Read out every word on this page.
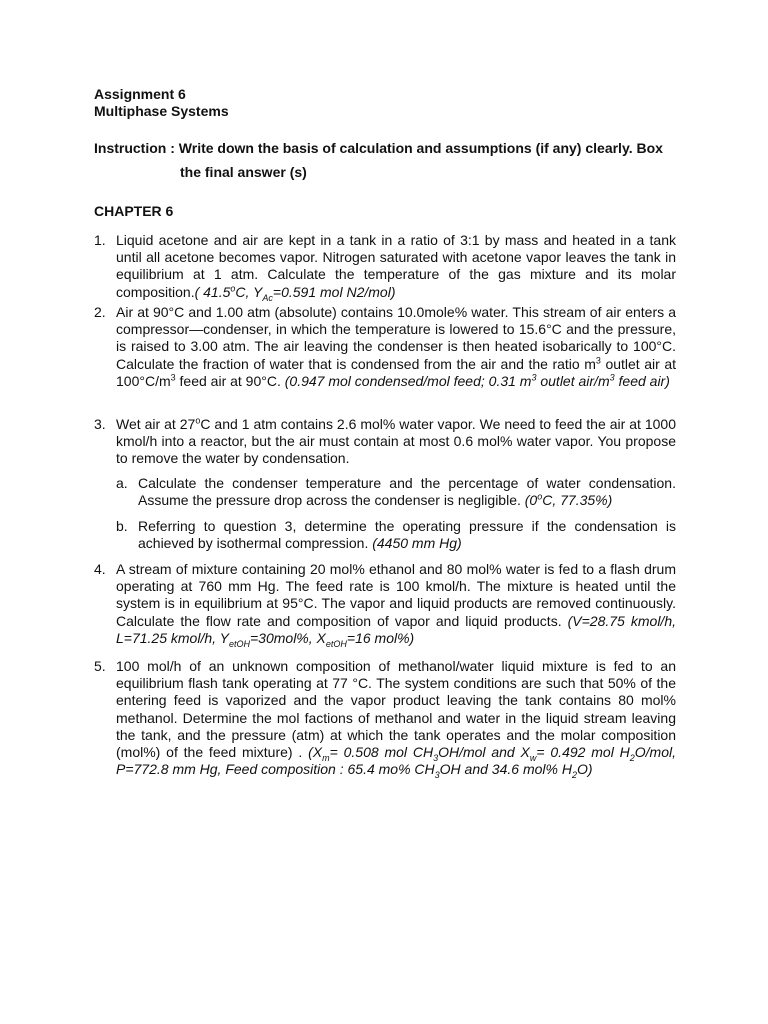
Assignment 6
Multiphase Systems
Instruction : Write down the basis of calculation and assumptions (if any) clearly. Box
the final answer (s)
CHAPTER 6
1. Liquid acetone and air are kept in a tank in a ratio of 3:1 by mass and heated in a tank until all acetone becomes vapor. Nitrogen saturated with acetone vapor leaves the tank in equilibrium at 1 atm. Calculate the temperature of the gas mixture and its molar composition.( 41.5$^o$C, $Y_{Ac}=0.591$ mol N2/mol)
2. Air at 90°C and 1.00 atm (absolute) contains 10.0mole% water. This stream of air enters a compressor—condenser, in which the temperature is lowered to 15.6°C and the pressure, is raised to 3.00 atm. The air leaving the condenser is then heated isobarically to 100°C. Calculate the fraction of water that is condensed from the air and the ratio $m^3$ outlet air at $100^\circ C/m^3$ feed air at 90°C. (0.947 mol condensed/mol feed; 0.31 $m^3$ outlet air/$m^3$ feed air)
3. Wet air at 27$^o$C and 1 atm contains 2.6 mol% water vapor. We need to feed the air at 1000 kmol/h into a reactor, but the air must contain at most 0.6 mol% water vapor. You propose to remove the water by condensation.
a. Calculate the condenser temperature and the percentage of water condensation. Assume the pressure drop across the condenser is negligible. (0$^o$C, 77.35%)
b. Referring to question 3, determine the operating pressure if the condensation is achieved by isothermal compression. (4450 mm Hg)
4. A stream of mixture containing 20 mol% ethanol and 80 mol% water is fed to a flash drum operating at 760 mm Hg. The feed rate is 100 kmol/h. The mixture is heated until the system is in equilibrium at 95°C. The vapor and liquid products are removed continuously. Calculate the flow rate and composition of vapor and liquid products. (V=28.75 kmol/h, L=71.25 kmol/h, $Y_{etOH}=30mol\%$, $X_{etOH}=16$ mol%)
5. 100 mol/h of an unknown composition of methanol/water liquid mixture is fed to an equilibrium flash tank operating at 77 °C. The system conditions are such that 50% of the entering feed is vaporized and the vapor product leaving the tank contains 80 mol% methanol. Determine the mol factions of methanol and water in the liquid stream leaving the tank, and the pressure (atm) at which the tank operates and the molar composition (mol%) of the feed mixture) . ($X_m= 0.508$ mol $CH_3OH$/mol and $X_w= 0.492$ mol $H_2O$/mol, P=772.8 mm Hg, Feed composition : 65.4 mo% $CH_3OH$ and 34.6 mol% $H_2O$)
